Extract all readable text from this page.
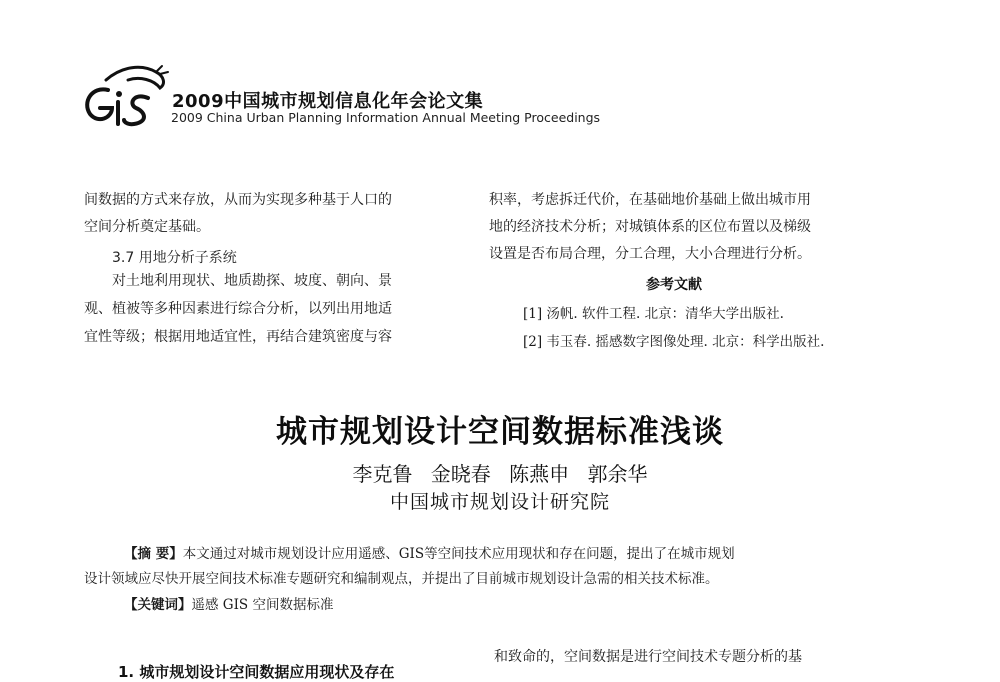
2009中国城市规划信息化年会论文集
2009 China Urban Planning Information Annual Meeting Proceedings
间数据的方式来存放，从而为实现多种基于人口的
空间分析奠定基础。
3.7 用地分析子系统
对土地利用现状、地质勘探、坡度、朝向、景
观、植被等多种因素进行综合分析，以列出用地适
宜性等级；根据用地适宜性，再结合建筑密度与容
积率，考虑拆迁代价，在基础地价基础上做出城市用
地的经济技术分析；对城镇体系的区位布置以及梯级
设置是否布局合理，分工合理，大小合理进行分析。
参考文献
[1] 汤帆. 软件工程. 北京：清华大学出版社.
[2] 韦玉春. 摇感数字图像处理. 北京：科学出版社.
城市规划设计空间数据标准浅谈
李克鲁 金晓春 陈燕申 郭余华
中国城市规划设计研究院
【摘 要】本文通过对城市规划设计应用遥感、GIS等空间技术应用现状和存在问题，提出了在城市规划
设计领域应尽快开展空间技术标准专题研究和编制观点，并提出了目前城市规划设计急需的相关技术标准。
【关键词】遥感 GIS 空间数据标准
1. 城市规划设计空间数据应用现状及存在
和致命的，空间数据是进行空间技术专题分析的基
